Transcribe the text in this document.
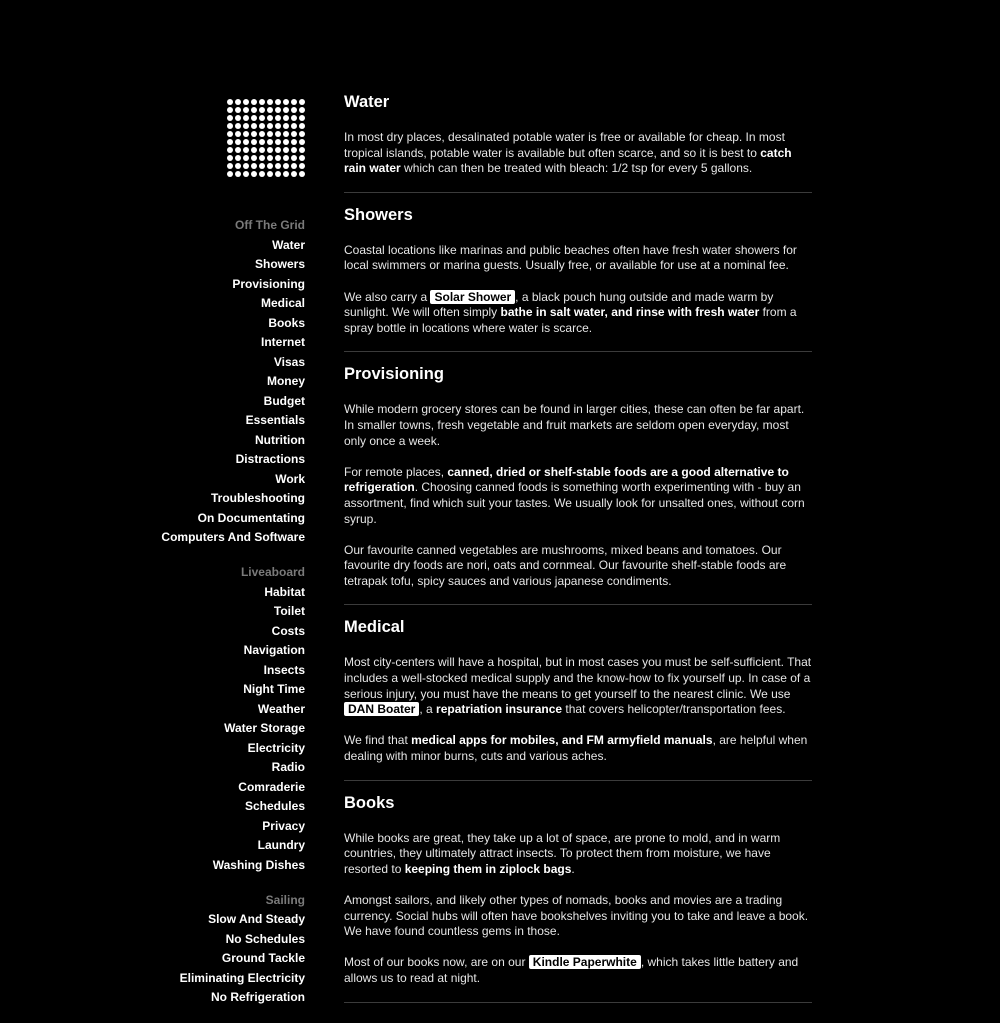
Off The Grid
Water
Showers
Provisioning
Medical
Books
Internet
Visas
Money
Budget
Essentials
Nutrition
Distractions
Work
Troubleshooting
On Documentating
Computers And Software
Liveaboard
Habitat
Toilet
Costs
Navigation
Insects
Night Time
Weather
Water Storage
Electricity
Radio
Comraderie
Schedules
Privacy
Laundry
Washing Dishes
Sailing
Slow And Steady
No Schedules
Ground Tackle
Eliminating Electricity
No Refrigeration
Water

In most dry places, desalinated potable water is free or available for cheap. In most tropical islands, potable water is available but often scarce, and so it is best to catch rain water which can then be treated with bleach: 1/2 tsp for every 5 gallons.

Showers

Coastal locations like marinas and public beaches often have fresh water showers for local swimmers or marina guests. Usually free, or available for use at a nominal fee.

We also carry a Solar Shower , a black pouch hung outside and made warm by sunlight. We will often simply bathe in salt water, and rinse with fresh water from a spray bottle in locations where water is scarce.

Provisioning

While modern grocery stores can be found in larger cities, these can often be far apart. In smaller towns, fresh vegetable and fruit markets are seldom open everyday, most only once a week.

For remote places, canned, dried or shelf-stable foods are a good alternative to refrigeration. Choosing canned foods is something worth experimenting with - buy an assortment, find which suit your tastes. We usually look for unsalted ones, without corn syrup.

Our favourite canned vegetables are mushrooms, mixed beans and tomatoes. Our favourite dry foods are nori, oats and cornmeal. Our favourite shelf-stable foods are tetrapak tofu, spicy sauces and various japanese condiments.

Medical

Most city-centers will have a hospital, but in most cases you must be self-sufficient. That includes a well-stocked medical supply and the know-how to fix yourself up. In case of a serious injury, you must have the means to get yourself to the nearest clinic. We use DAN Boater , a repatriation insurance that covers helicopter/transportation fees.

We find that medical apps for mobiles, and FM armyfield manuals, are helpful when dealing with minor burns, cuts and various aches.

Books

While books are great, they take up a lot of space, are prone to mold, and in warm countries, they ultimately attract insects. To protect them from moisture, we have resorted to keeping them in ziplock bags.

Amongst sailors, and likely other types of nomads, books and movies are a trading currency. Social hubs will often have bookshelves inviting you to take and leave a book. We have found countless gems in those.

Most of our books now, are on our Kindle Paperwhite , which takes little battery and allows us to read at night.
